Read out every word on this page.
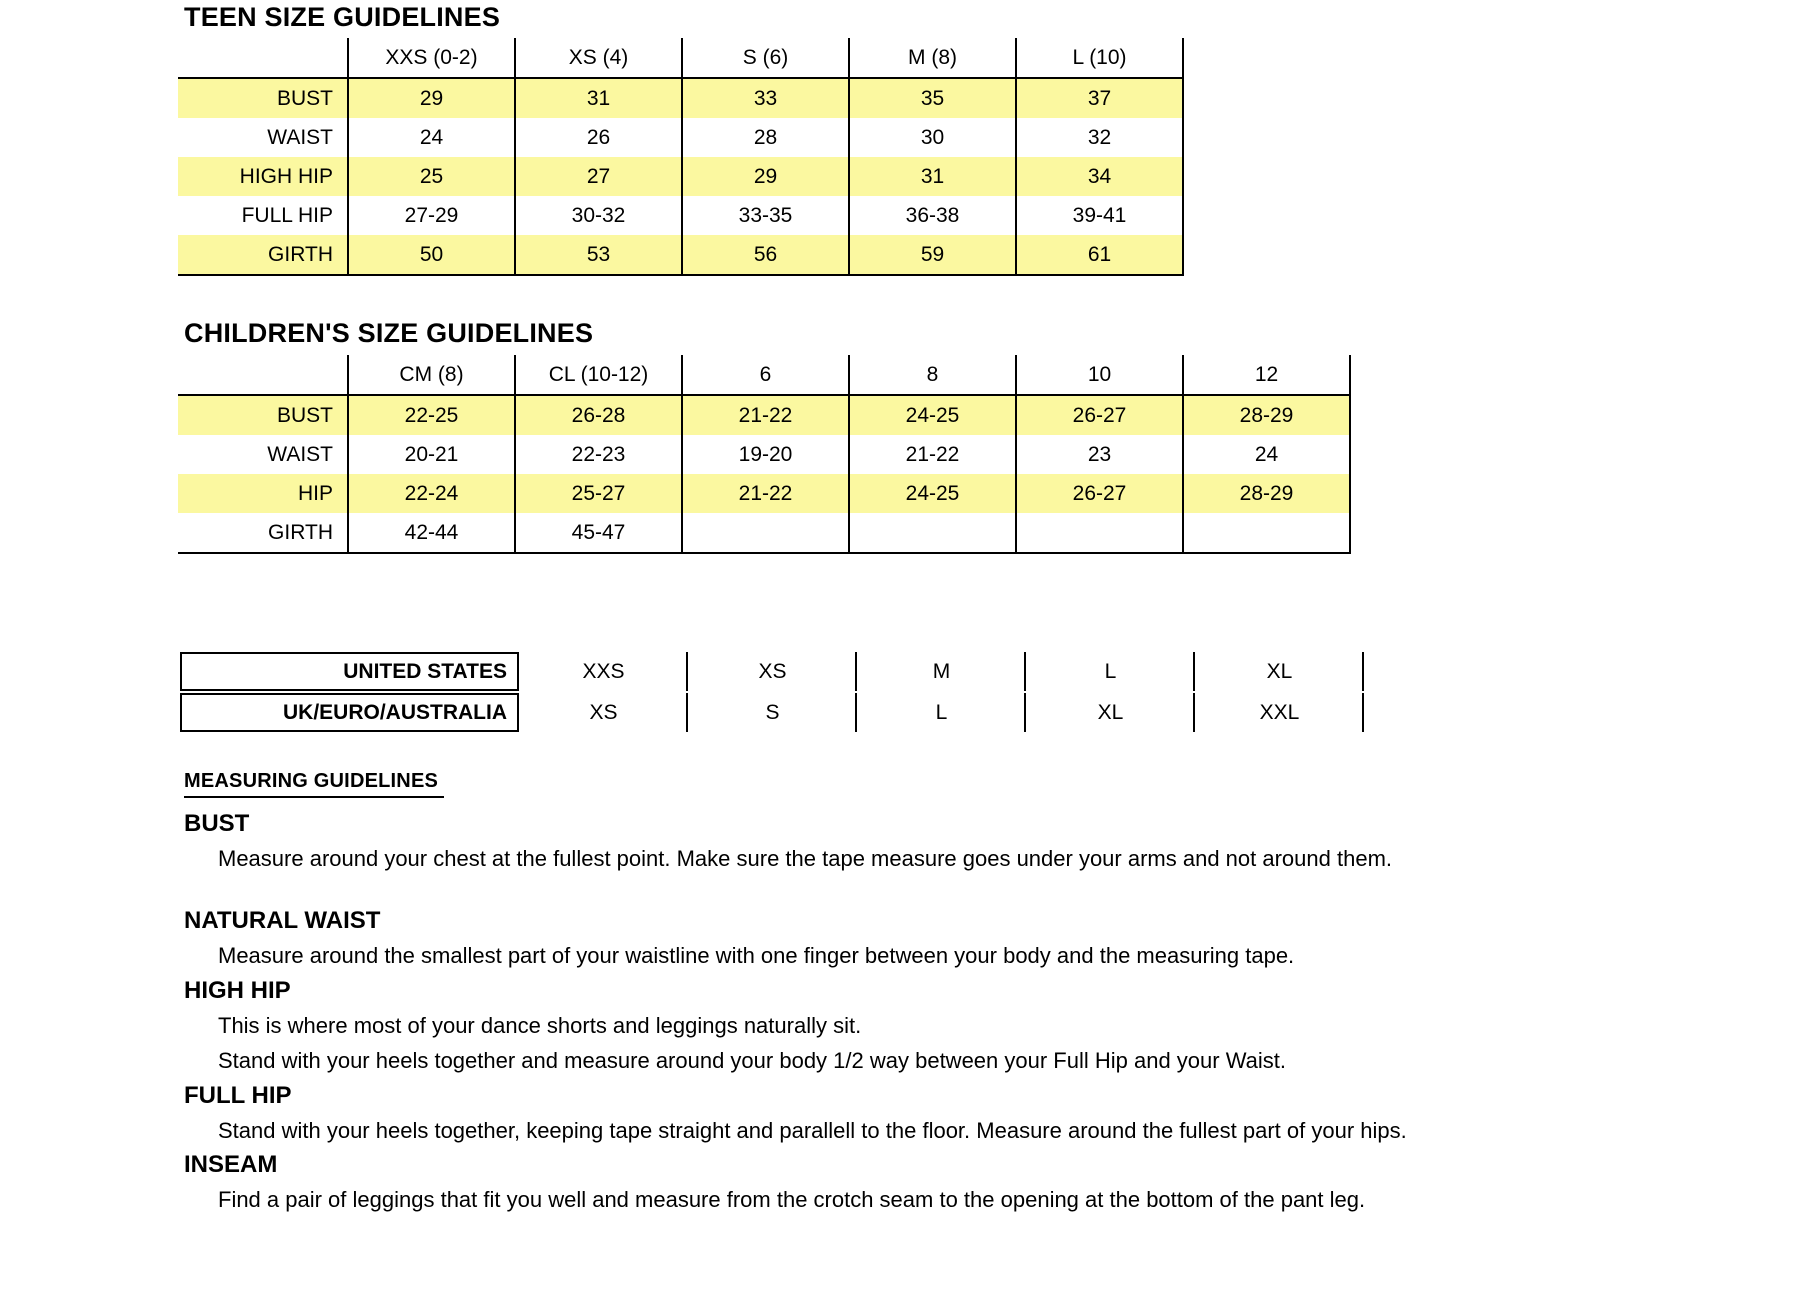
TEEN SIZE GUIDELINES
	XXS (0-2)	XS (4)	S (6)	M (8)	L (10)
BUST	29	31	33	35	37
WAIST	24	26	28	30	32
HIGH HIP	25	27	29	31	34
FULL HIP	27-29	30-32	33-35	36-38	39-41
GIRTH	50	53	56	59	61
CHILDREN'S SIZE GUIDELINES
	CM (8)	CL (10-12)	6	8	10	12
BUST	22-25	26-28	21-22	24-25	26-27	28-29
WAIST	20-21	22-23	19-20	21-22	23	24
HIP	22-24	25-27	21-22	24-25	26-27	28-29
GIRTH	42-44	45-47				
UNITED STATES	XXS	XS	M	L	XL
UK/EURO/AUSTRALIA	XS	S	L	XL	XXL
MEASURING GUIDELINES
BUST
Measure around your chest at the fullest point. Make sure the tape measure goes under your arms and not around them.
NATURAL WAIST
Measure around the smallest part of your waistline with one finger between your body and the measuring tape.
HIGH HIP
This is where most of your dance shorts and leggings naturally sit.
Stand with your heels together and measure around your body 1/2 way between your Full Hip and your Waist.
FULL HIP
Stand with your heels together, keeping tape straight and parallell to the floor. Measure around the fullest part of your hips.
INSEAM
Find a pair of leggings that fit you well and measure from the crotch seam to the opening at the bottom of the pant leg.
